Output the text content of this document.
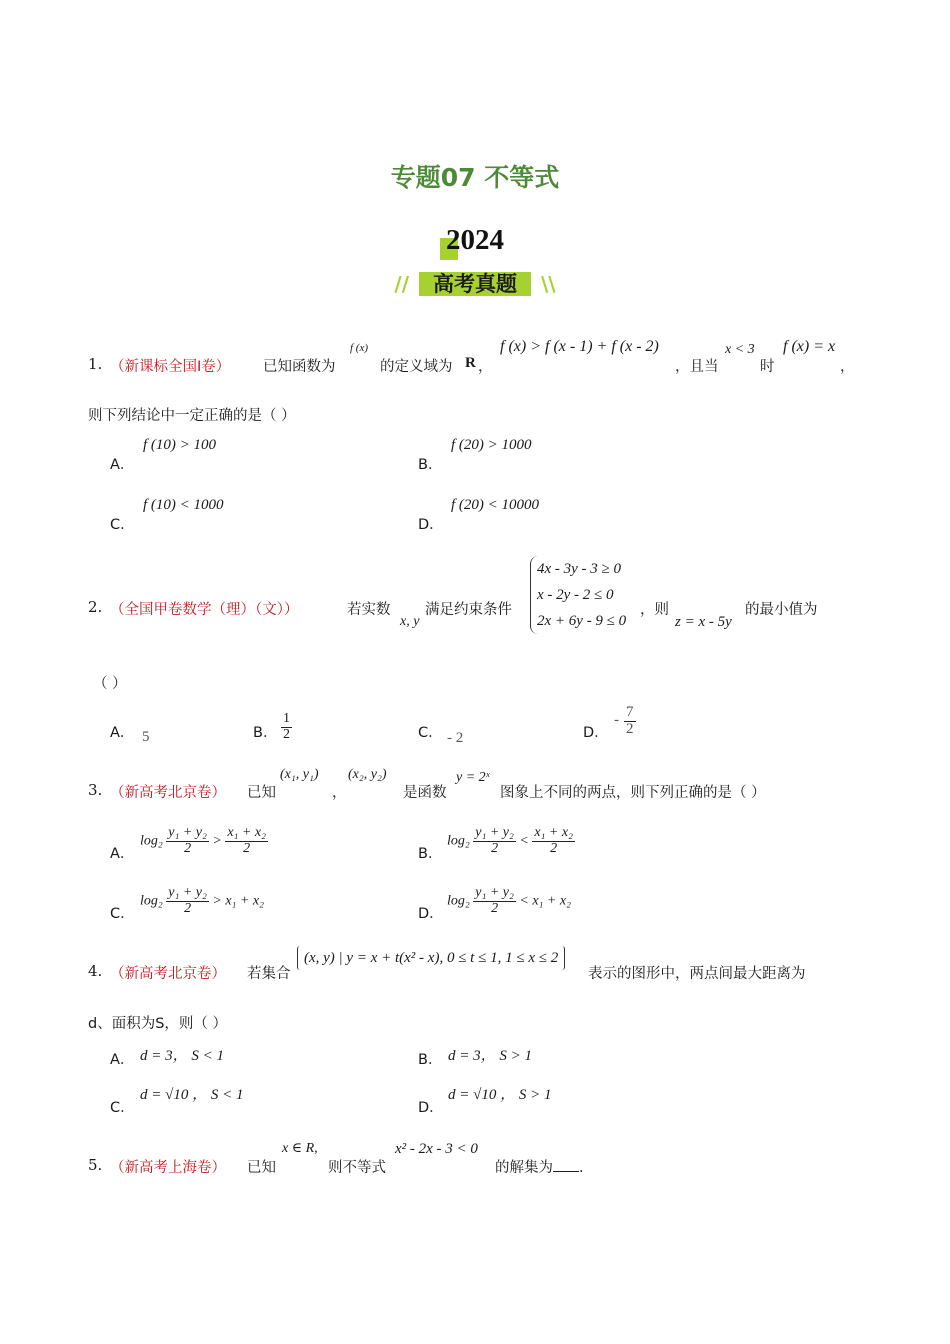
专题07 不等式
2024
// 高考真题 \\
1. （新课标全国Ⅰ卷） 已知函数为
f (x)
的定义域为 R ，
f (x) > f (x - 1) + f (x - 2)
，且当
x < 3
时
f (x) = x
，
则下列结论中一定正确的是（ ）
A．
f (10) > 100
B．
f (20) > 1000
C．
f (10) < 1000
D．
f (20) < 10000
2. （全国甲卷数学（理）（文））	若实数
x, y
满足约束条件
4x - 3y - 3 ≥ 0
x - 2y - 2 ≤ 0
2x + 6y - 9 ≤ 0
，则
z = x - 5y
的最小值为
（ ）
A． 5	B． $\frac{1}{2}$	C． - 2	D．
- $\frac{7}{2}$
3. （新高考北京卷） 已知
(x₁, y₁)
，
(x₂, y₂)
是函数
y = 2ˣ
图象上不同的两点，则下列正确的是（ ）
A．
$\log_2 \frac{\text{y₁ + y₂}}{2} > \frac{\text{x₁ + x₂}}{2}$	B．
$\log_2 \frac{\text{y₁ + y₂}}{2} < \frac{\text{x₁ + x₂}}{2}$
C．
$\log_2 \frac{\text{y₁ + y₂}}{2} > x_1 + x_2$
D．
$\log_2 \frac{\text{y₁ + y₂}}{2} < x_1 + x_2$
4. （新高考北京卷） 若集合
(x, y) | y = x + t(x² - x), 0 ≤ t ≤ 1, 1 ≤ x ≤ 2
表示的图形中，两点间最大距离为
d、面积为S，则（ ）
A． d = 3， S < 1	B． d = 3， S > 1
C．
d = √10 ， S < 1
D．
d = √10 ， S > 1
5. （新高考上海卷） 已知
x ∈ R,
则不等式
x² - 2x - 3 < 0
的解集为 .
